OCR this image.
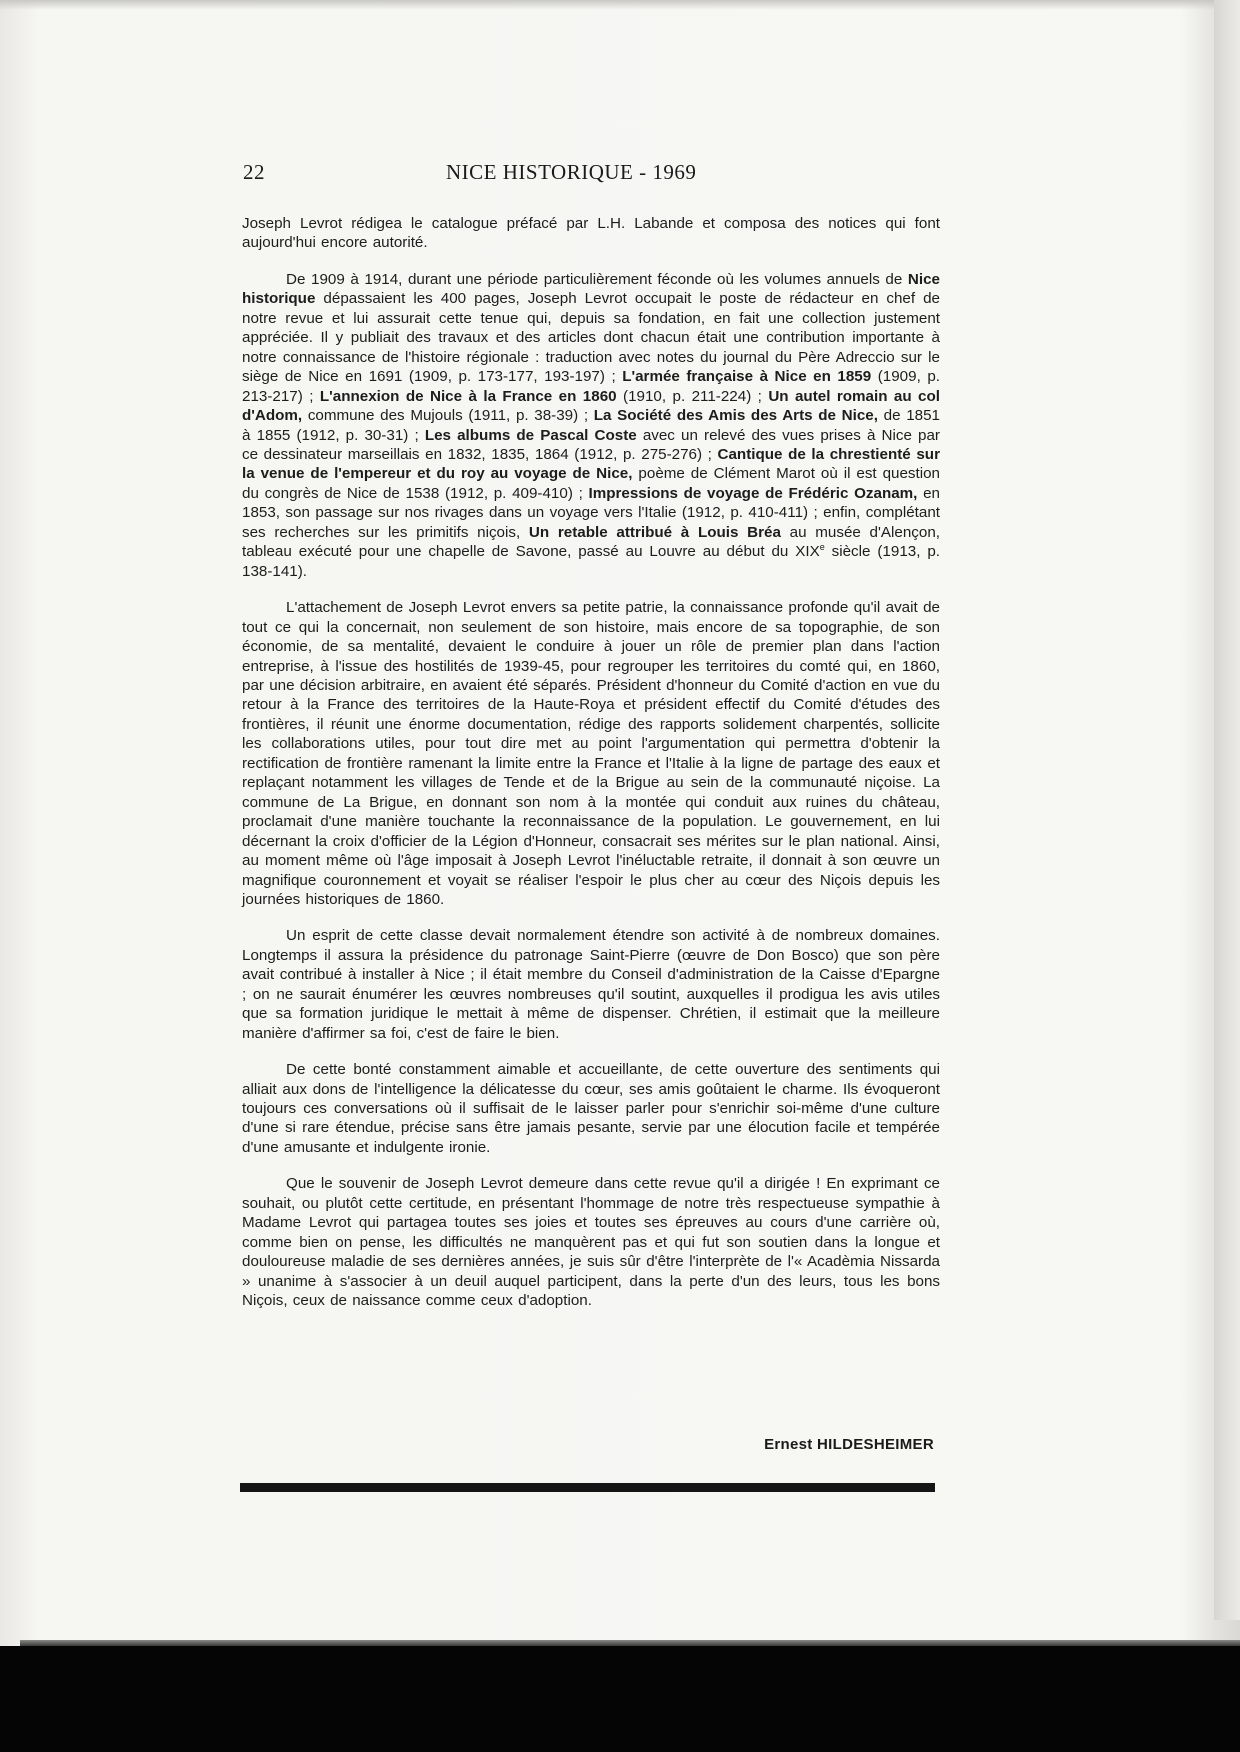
22	NICE HISTORIQUE - 1969

Joseph Levrot rédigea le catalogue préfacé par L.H. Labande et composa des notices qui font aujourd'hui encore autorité.

De 1909 à 1914, durant une période particulièrement féconde où les volumes annuels de Nice historique dépassaient les 400 pages, Joseph Levrot occupait le poste de rédacteur en chef de notre revue et lui assurait cette tenue qui, depuis sa fondation, en fait une collection justement appréciée. Il y publiait des travaux et des articles dont chacun était une contribution importante à notre connaissance de l'histoire régionale : traduction avec notes du journal du Père Adreccio sur le siège de Nice en 1691 (1909, p. 173-177, 193-197) ; L'armée française à Nice en 1859 (1909, p. 213-217) ; L'annexion de Nice à la France en 1860 (1910, p. 211-224) ; Un autel romain au col d'Adom, commune des Mujouls (1911, p. 38-39) ; La Société des Amis des Arts de Nice, de 1851 à 1855 (1912, p. 30-31) ; Les albums de Pascal Coste avec un relevé des vues prises à Nice par ce dessinateur marseillais en 1832, 1835, 1864 (1912, p. 275-276) ; Cantique de la chrestienté sur la venue de l'empereur et du roy au voyage de Nice, poème de Clément Marot où il est question du congrès de Nice de 1538 (1912, p. 409-410) ; Impressions de voyage de Frédéric Ozanam, en 1853, son passage sur nos rivages dans un voyage vers l'Italie (1912, p. 410-411) ; enfin, complétant ses recherches sur les primitifs niçois, Un retable attribué à Louis Bréa au musée d'Alençon, tableau exécuté pour une chapelle de Savone, passé au Louvre au début du XIXe siècle (1913, p. 138-141).

L'attachement de Joseph Levrot envers sa petite patrie, la connaissance profonde qu'il avait de tout ce qui la concernait, non seulement de son histoire, mais encore de sa topographie, de son économie, de sa mentalité, devaient le conduire à jouer un rôle de premier plan dans l'action entreprise, à l'issue des hostilités de 1939-45, pour regrouper les territoires du comté qui, en 1860, par une décision arbitraire, en avaient été séparés. Président d'honneur du Comité d'action en vue du retour à la France des territoires de la Haute-Roya et président effectif du Comité d'études des frontières, il réunit une énorme documentation, rédige des rapports solidement charpentés, sollicite les collaborations utiles, pour tout dire met au point l'argumentation qui permettra d'obtenir la rectification de frontière ramenant la limite entre la France et l'Italie à la ligne de partage des eaux et replaçant notamment les villages de Tende et de la Brigue au sein de la communauté niçoise. La commune de La Brigue, en donnant son nom à la montée qui conduit aux ruines du château, proclamait d'une manière touchante la reconnaissance de la population. Le gouvernement, en lui décernant la croix d'officier de la Légion d'Honneur, consacrait ses mérites sur le plan national. Ainsi, au moment même où l'âge imposait à Joseph Levrot l'inéluctable retraite, il donnait à son œuvre un magnifique couronnement et voyait se réaliser l'espoir le plus cher au cœur des Niçois depuis les journées historiques de 1860.

Un esprit de cette classe devait normalement étendre son activité à de nombreux domaines. Longtemps il assura la présidence du patronage Saint-Pierre (œuvre de Don Bosco) que son père avait contribué à installer à Nice ; il était membre du Conseil d'administration de la Caisse d'Epargne ; on ne saurait énumérer les œuvres nombreuses qu'il soutint, auxquelles il prodigua les avis utiles que sa formation juridique le mettait à même de dispenser. Chrétien, il estimait que la meilleure manière d'affirmer sa foi, c'est de faire le bien.

De cette bonté constamment aimable et accueillante, de cette ouverture des sentiments qui alliait aux dons de l'intelligence la délicatesse du cœur, ses amis goûtaient le charme. Ils évoqueront toujours ces conversations où il suffisait de le laisser parler pour s'enrichir soi-même d'une culture d'une si rare étendue, précise sans être jamais pesante, servie par une élocution facile et tempérée d'une amusante et indulgente ironie.

Que le souvenir de Joseph Levrot demeure dans cette revue qu'il a dirigée ! En exprimant ce souhait, ou plutôt cette certitude, en présentant l'hommage de notre très respectueuse sympathie à Madame Levrot qui partagea toutes ses joies et toutes ses épreuves au cours d'une carrière où, comme bien on pense, les difficultés ne manquèrent pas et qui fut son soutien dans la longue et douloureuse maladie de ses dernières années, je suis sûr d'être l'interprète de l'« Acadèmia Nissarda » unanime à s'associer à un deuil auquel participent, dans la perte d'un des leurs, tous les bons Niçois, ceux de naissance comme ceux d'adoption.

Ernest HILDESHEIMER
